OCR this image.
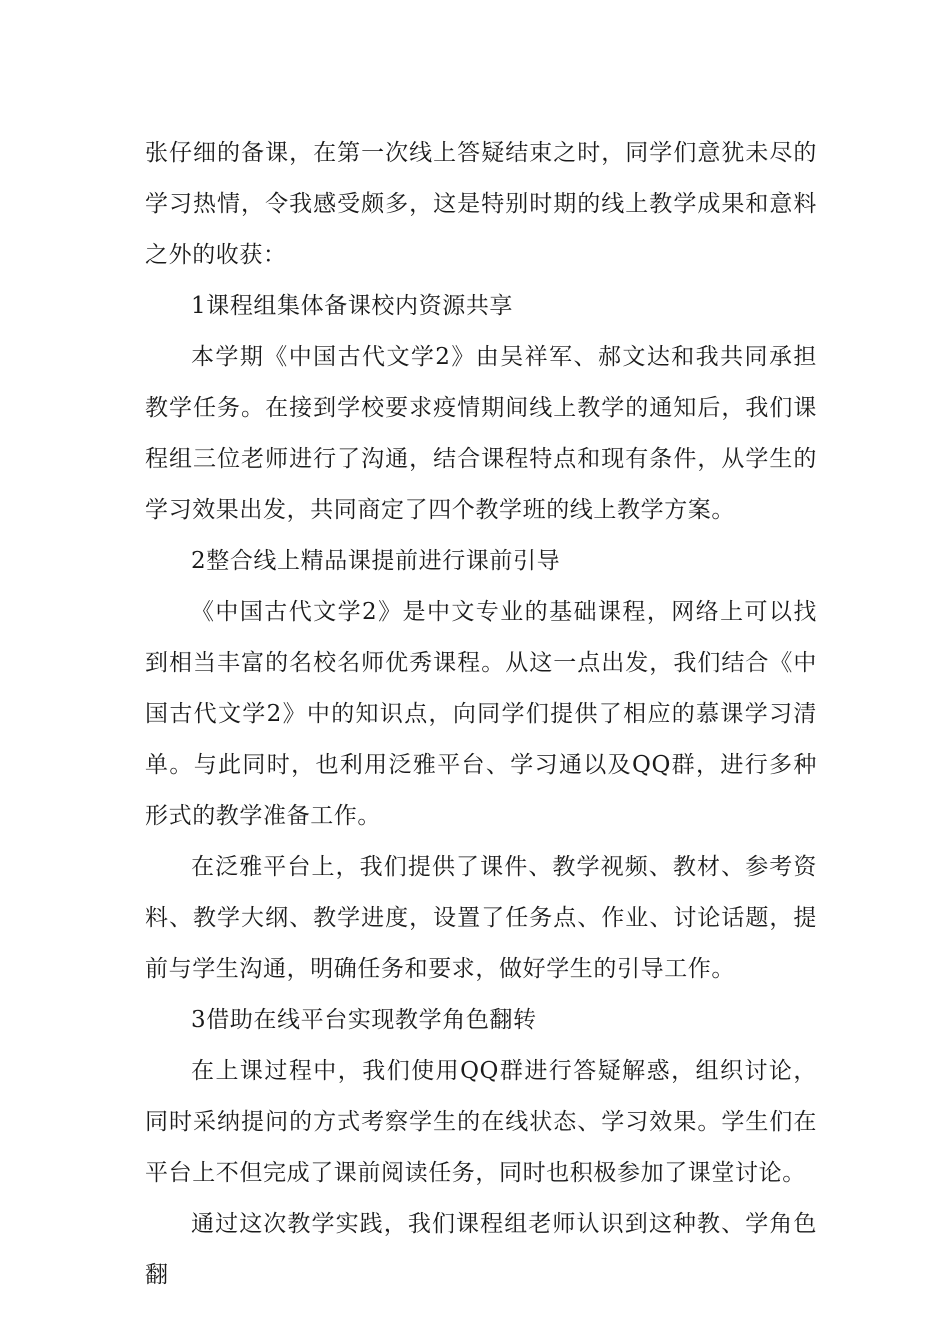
张仔细的备课，在第一次线上答疑结束之时，同学们意犹未尽的学习热情，令我感受颇多，这是特别时期的线上教学成果和意料之外的收获：

1课程组集体备课校内资源共享

本学期《中国古代文学2》由吴祥军、郝文达和我共同承担教学任务。在接到学校要求疫情期间线上教学的通知后，我们课程组三位老师进行了沟通，结合课程特点和现有条件，从学生的学习效果出发，共同商定了四个教学班的线上教学方案。

2整合线上精品课提前进行课前引导

《中国古代文学2》是中文专业的基础课程，网络上可以找到相当丰富的名校名师优秀课程。从这一点出发，我们结合《中国古代文学2》中的知识点，向同学们提供了相应的慕课学习清单。与此同时，也利用泛雅平台、学习通以及QQ群，进行多种形式的教学准备工作。

在泛雅平台上，我们提供了课件、教学视频、教材、参考资料、教学大纲、教学进度，设置了任务点、作业、讨论话题，提前与学生沟通，明确任务和要求，做好学生的引导工作。

3借助在线平台实现教学角色翻转

在上课过程中，我们使用QQ群进行答疑解惑，组织讨论，同时采纳提问的方式考察学生的在线状态、学习效果。学生们在平台上不但完成了课前阅读任务，同时也积极参加了课堂讨论。

通过这次教学实践，我们课程组老师认识到这种教、学角色翻
